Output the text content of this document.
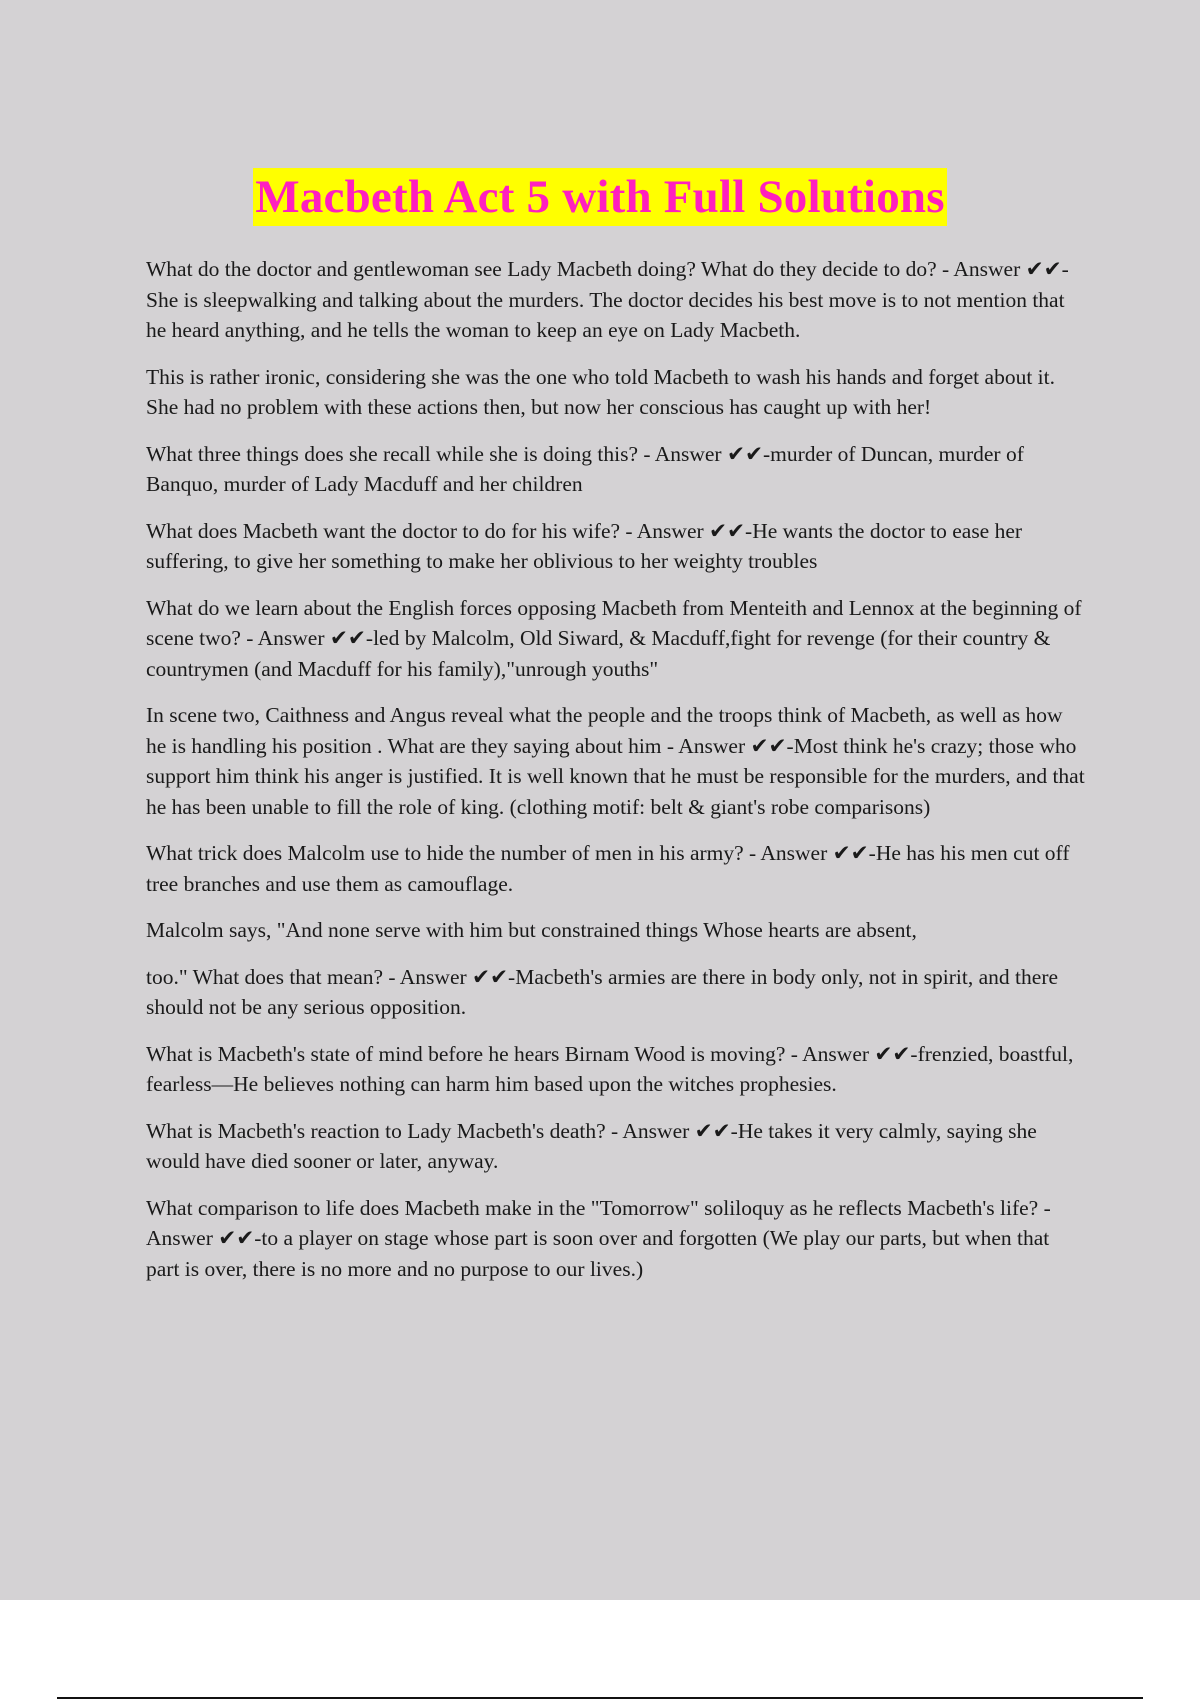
Macbeth Act 5 with Full Solutions

What do the doctor and gentlewoman see Lady Macbeth doing? What do they decide to do? - Answer ✔✔-She is sleepwalking and talking about the murders. The doctor decides his best move is to not mention that he heard anything, and he tells the woman to keep an eye on Lady Macbeth.

This is rather ironic, considering she was the one who told Macbeth to wash his hands and forget about it. She had no problem with these actions then, but now her conscious has caught up with her!

What three things does she recall while she is doing this? - Answer ✔✔-murder of Duncan, murder of Banquo, murder of Lady Macduff and her children

What does Macbeth want the doctor to do for his wife? - Answer ✔✔-He wants the doctor to ease her suffering, to give her something to make her oblivious to her weighty troubles

What do we learn about the English forces opposing Macbeth from Menteith and Lennox at the beginning of scene two? - Answer ✔✔-led by Malcolm, Old Siward, & Macduff,fight for revenge (for their country & countrymen (and Macduff for his family),"unrough youths"

In scene two, Caithness and Angus reveal what the people and the troops think of Macbeth, as well as how he is handling his position . What are they saying about him - Answer ✔✔-Most think he's crazy; those who support him think his anger is justified. It is well known that he must be responsible for the murders, and that he has been unable to fill the role of king. (clothing motif: belt & giant's robe comparisons)

What trick does Malcolm use to hide the number of men in his army? - Answer ✔✔-He has his men cut off tree branches and use them as camouflage.

Malcolm says, "And none serve with him but constrained things Whose hearts are absent,

too." What does that mean? - Answer ✔✔-Macbeth's armies are there in body only, not in spirit, and there should not be any serious opposition.

What is Macbeth's state of mind before he hears Birnam Wood is moving? - Answer ✔✔-frenzied, boastful, fearless—He believes nothing can harm him based upon the witches prophesies.

What is Macbeth's reaction to Lady Macbeth's death? - Answer ✔✔-He takes it very calmly, saying she would have died sooner or later, anyway.

What comparison to life does Macbeth make in the "Tomorrow" soliloquy as he reflects Macbeth's life? - Answer ✔✔-to a player on stage whose part is soon over and forgotten (We play our parts, but when that part is over, there is no more and no purpose to our lives.)
